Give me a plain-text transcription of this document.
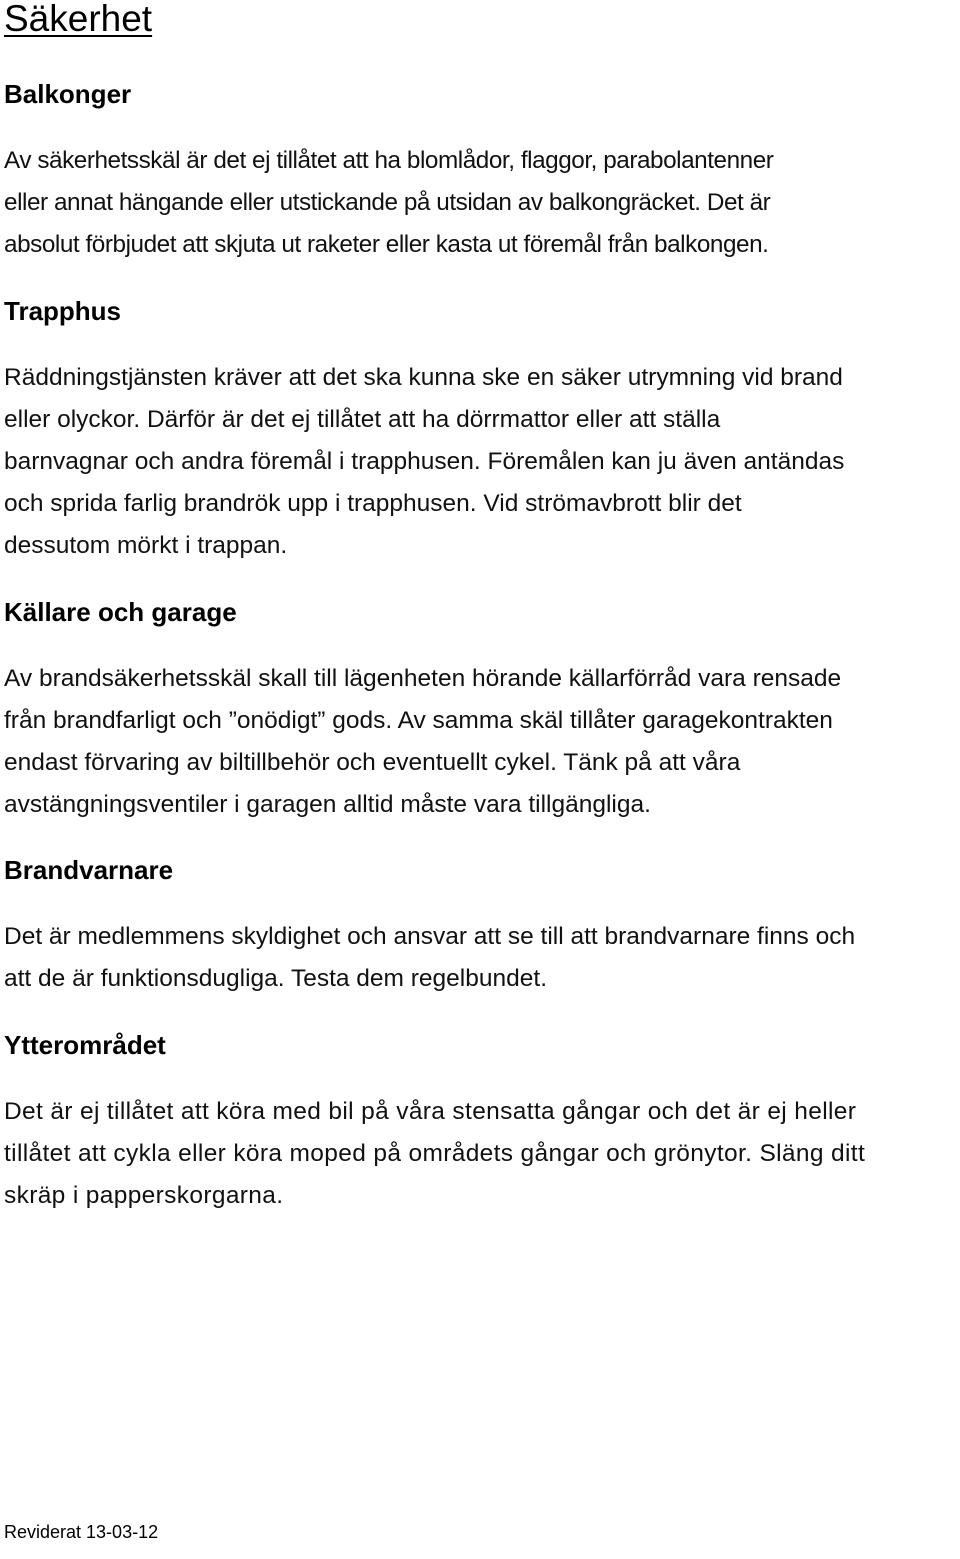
Säkerhet
Balkonger
Av säkerhetsskäl är det ej tillåtet att ha blomlådor, flaggor, parabolantenner
eller annat hängande eller utstickande på utsidan av balkongräcket. Det är
absolut förbjudet att skjuta ut raketer eller kasta ut föremål från balkongen.
Trapphus
Räddningstjänsten kräver att det ska kunna ske en säker utrymning vid brand
eller olyckor. Därför är det ej tillåtet att ha dörrmattor eller att ställa
barnvagnar och andra föremål i trapphusen. Föremålen kan ju även antändas
och sprida farlig brandrök upp i trapphusen. Vid strömavbrott blir det
dessutom mörkt i trappan.
Källare och garage
Av brandsäkerhetsskäl skall till lägenheten hörande källarförråd vara rensade
från brandfarligt och ”onödigt” gods. Av samma skäl tillåter garagekontrakten
endast förvaring av biltillbehör och eventuellt cykel. Tänk på att våra
avstängningsventiler i garagen alltid måste vara tillgängliga.
Brandvarnare
Det är medlemmens skyldighet och ansvar att se till att brandvarnare finns och
att de är funktionsdugliga. Testa dem regelbundet.
Ytterområdet
Det är ej tillåtet att köra med bil på våra stensatta gångar och det är ej heller
tillåtet att cykla eller köra moped på områdets gångar och grönytor. Släng ditt
skräp i papperskorgarna.
Reviderat 13-03-12
